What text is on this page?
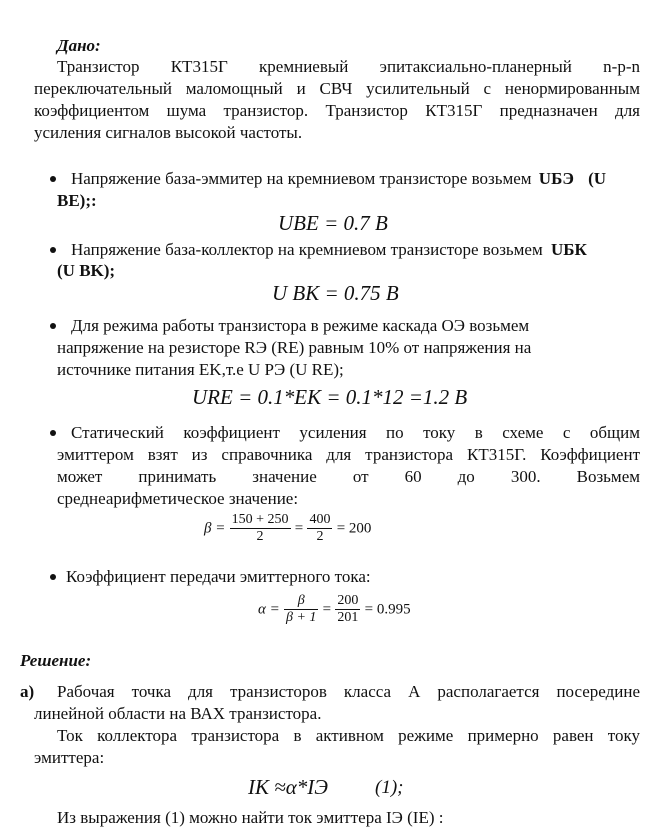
Дано:
Транзистор КТ315Г кремниевый эпитаксиально-планерный n-p-n
переключательный маломощный и СВЧ усилительный с ненормированным
коэффициентом шума транзистор. Транзистор КТ315Г предназначен для
усиления сигналов высокой частоты.
Напряжение база-эммитер на кремниевом транзисторе возьмем UБЭ (U
BE);:
UBE = 0.7 В
Напряжение база-коллектор на кремниевом транзисторе возьмем UБК
(U BK);
U BK = 0.75 В
Для режима работы транзистора в режиме каскада ОЭ возьмем
напряжение на резисторе RЭ (RE) равным 10% от напряжения на
источнике питания EK,т.е U РЭ (U RE);
URE = 0.1*EK = 0.1*12 =1.2 В
Статический коэффициент усиления по току в схеме с общим
эмиттером взят из справочника для транзистора КТ315Г. Коэффициент
может принимать значение от 60 до 300. Возьмем
среднеарифметическое значение:
$\beta = \frac{150 + 250}{2} = \frac{400}{2} = 200$
Коэффициент передачи эмиттерного тока:
$\alpha = \frac{\beta}{\beta + 1} = \frac{200}{201} = 0.995$
Решение:
а) Рабочая точка для транзисторов класса А располагается посередине
линейной области на ВАХ транзистора.
Ток коллектора транзистора в активном режиме примерно равен току
эмиттера:
IK ≈α*IЭ (1);
Из выражения (1) можно найти ток эмиттера IЭ (IE) :
